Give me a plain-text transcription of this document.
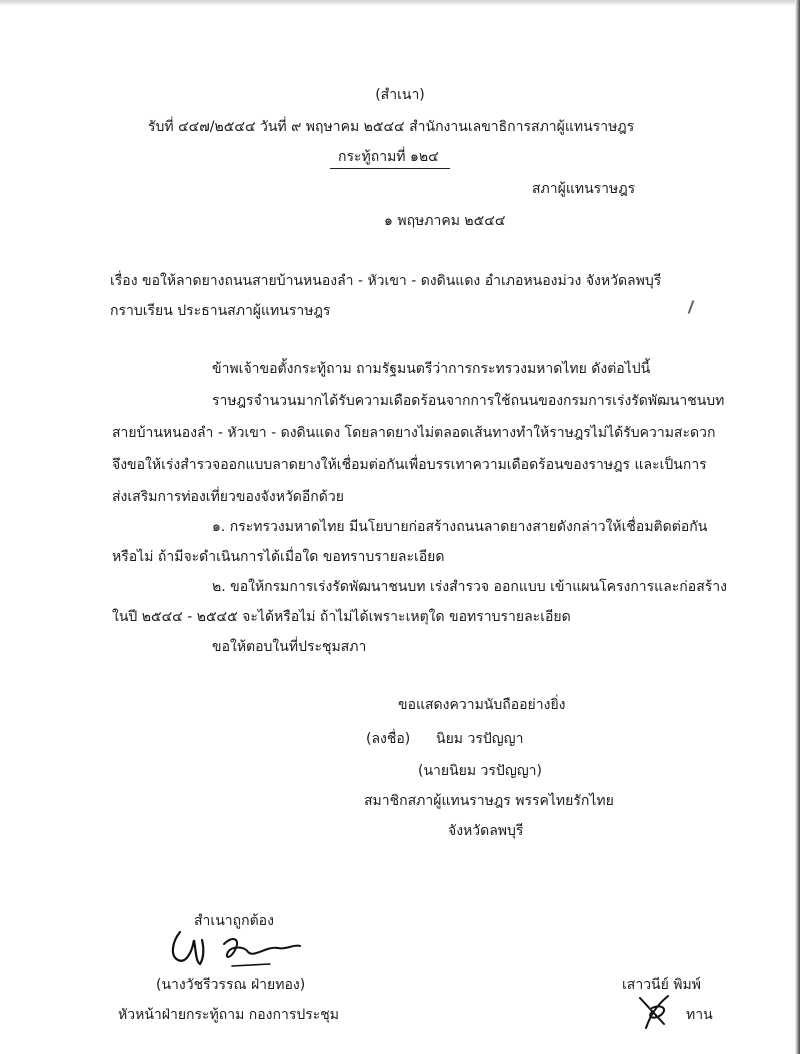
(สำเนา)
รับที่ ๔๔๗/๒๕๔๔ วันที่ ๙ พฤษาคม ๒๕๔๔ สำนักงานเลขาธิการสภาผู้แทนราษฎร
กระทู้ถามที่ ๑๒๔
สภาผู้แทนราษฎร
๑ พฤษภาคม ๒๕๔๔
เรื่อง ขอให้ลาดยางถนนสายบ้านหนองลำ - หัวเขา - ดงดินแดง อำเภอหนองม่วง จังหวัดลพบุรี
กราบเรียน ประธานสภาผู้แทนราษฎร
ข้าพเจ้าขอตั้งกระทู้ถาม ถามรัฐมนตรีว่าการกระทรวงมหาดไทย ดังต่อไปนี้
ราษฎรจำนวนมากได้รับความเดือดร้อนจากการใช้ถนนของกรมการเร่งรัดพัฒนาชนบท
สายบ้านหนองลำ - หัวเขา - ดงดินแดง โดยลาดยางไม่ตลอดเส้นทางทำให้ราษฎรไม่ได้รับความสะดวก
จึงขอให้เร่งสำรวจออกแบบลาดยางให้เชื่อมต่อกันเพื่อบรรเทาความเดือดร้อนของราษฎร และเป็นการ
ส่งเสริมการท่องเที่ยวของจังหวัดอีกด้วย
๑. กระทรวงมหาดไทย มีนโยบายก่อสร้างถนนลาดยางสายดังกล่าวให้เชื่อมติดต่อกัน
หรือไม่ ถ้ามีจะดำเนินการได้เมื่อใด ขอทราบรายละเอียด
๒. ขอให้กรมการเร่งรัดพัฒนาชนบท เร่งสำรวจ ออกแบบ เข้าแผนโครงการและก่อสร้าง
ในปี ๒๕๔๔ - ๒๕๔๕ จะได้หรือไม่ ถ้าไม่ได้เพราะเหตุใด ขอทราบรายละเอียด
ขอให้ตอบในที่ประชุมสภา
ขอแสดงความนับถืออย่างยิ่ง
(ลงชื่อ) นิยม วรปัญญา
(นายนิยม วรปัญญา)
สมาชิกสภาผู้แทนราษฎร พรรคไทยรักไทย
จังหวัดลพบุรี
สำเนาถูกต้อง
(นางวัชรีวรรณ ฝ่ายทอง)
หัวหน้าฝ่ายกระทู้ถาม กองการประชุม
เสาวนีย์ พิมพ์
ทาน
